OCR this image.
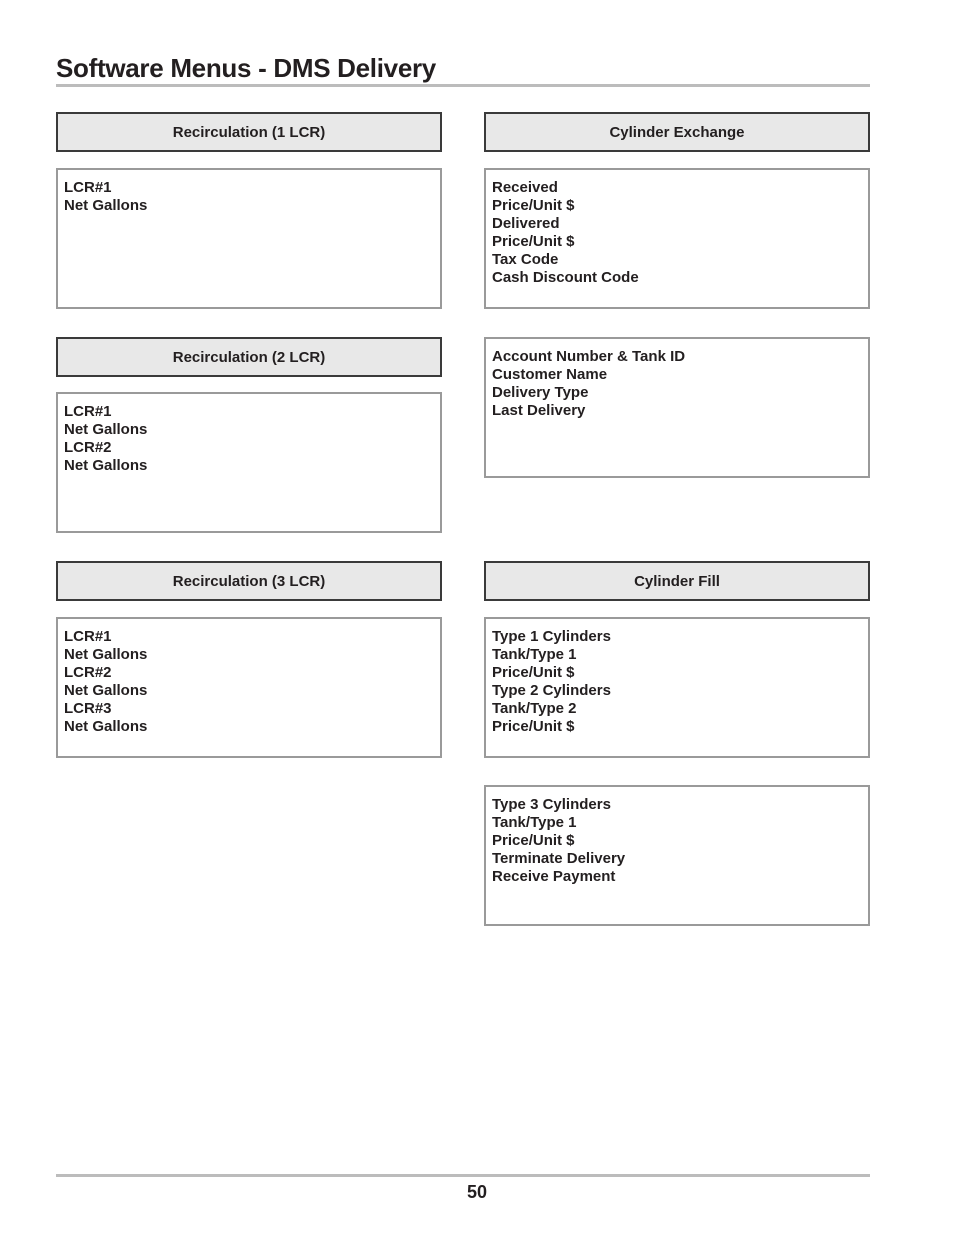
Software Menus - DMS Delivery
Recirculation (1 LCR)
LCR#1
Net Gallons
Recirculation (2 LCR)
LCR#1
Net Gallons
LCR#2
Net Gallons
Recirculation (3 LCR)
LCR#1
Net Gallons
LCR#2
Net Gallons
LCR#3
Net Gallons
Cylinder Exchange
Received
Price/Unit $
Delivered
Price/Unit $
Tax Code
Cash Discount Code
Account Number & Tank ID
Customer Name
Delivery Type
Last Delivery
Cylinder Fill
Type 1 Cylinders
Tank/Type 1
Price/Unit $
Type 2 Cylinders
Tank/Type 2
Price/Unit $
Type 3 Cylinders
Tank/Type 1
Price/Unit $
Terminate Delivery
Receive Payment
50
